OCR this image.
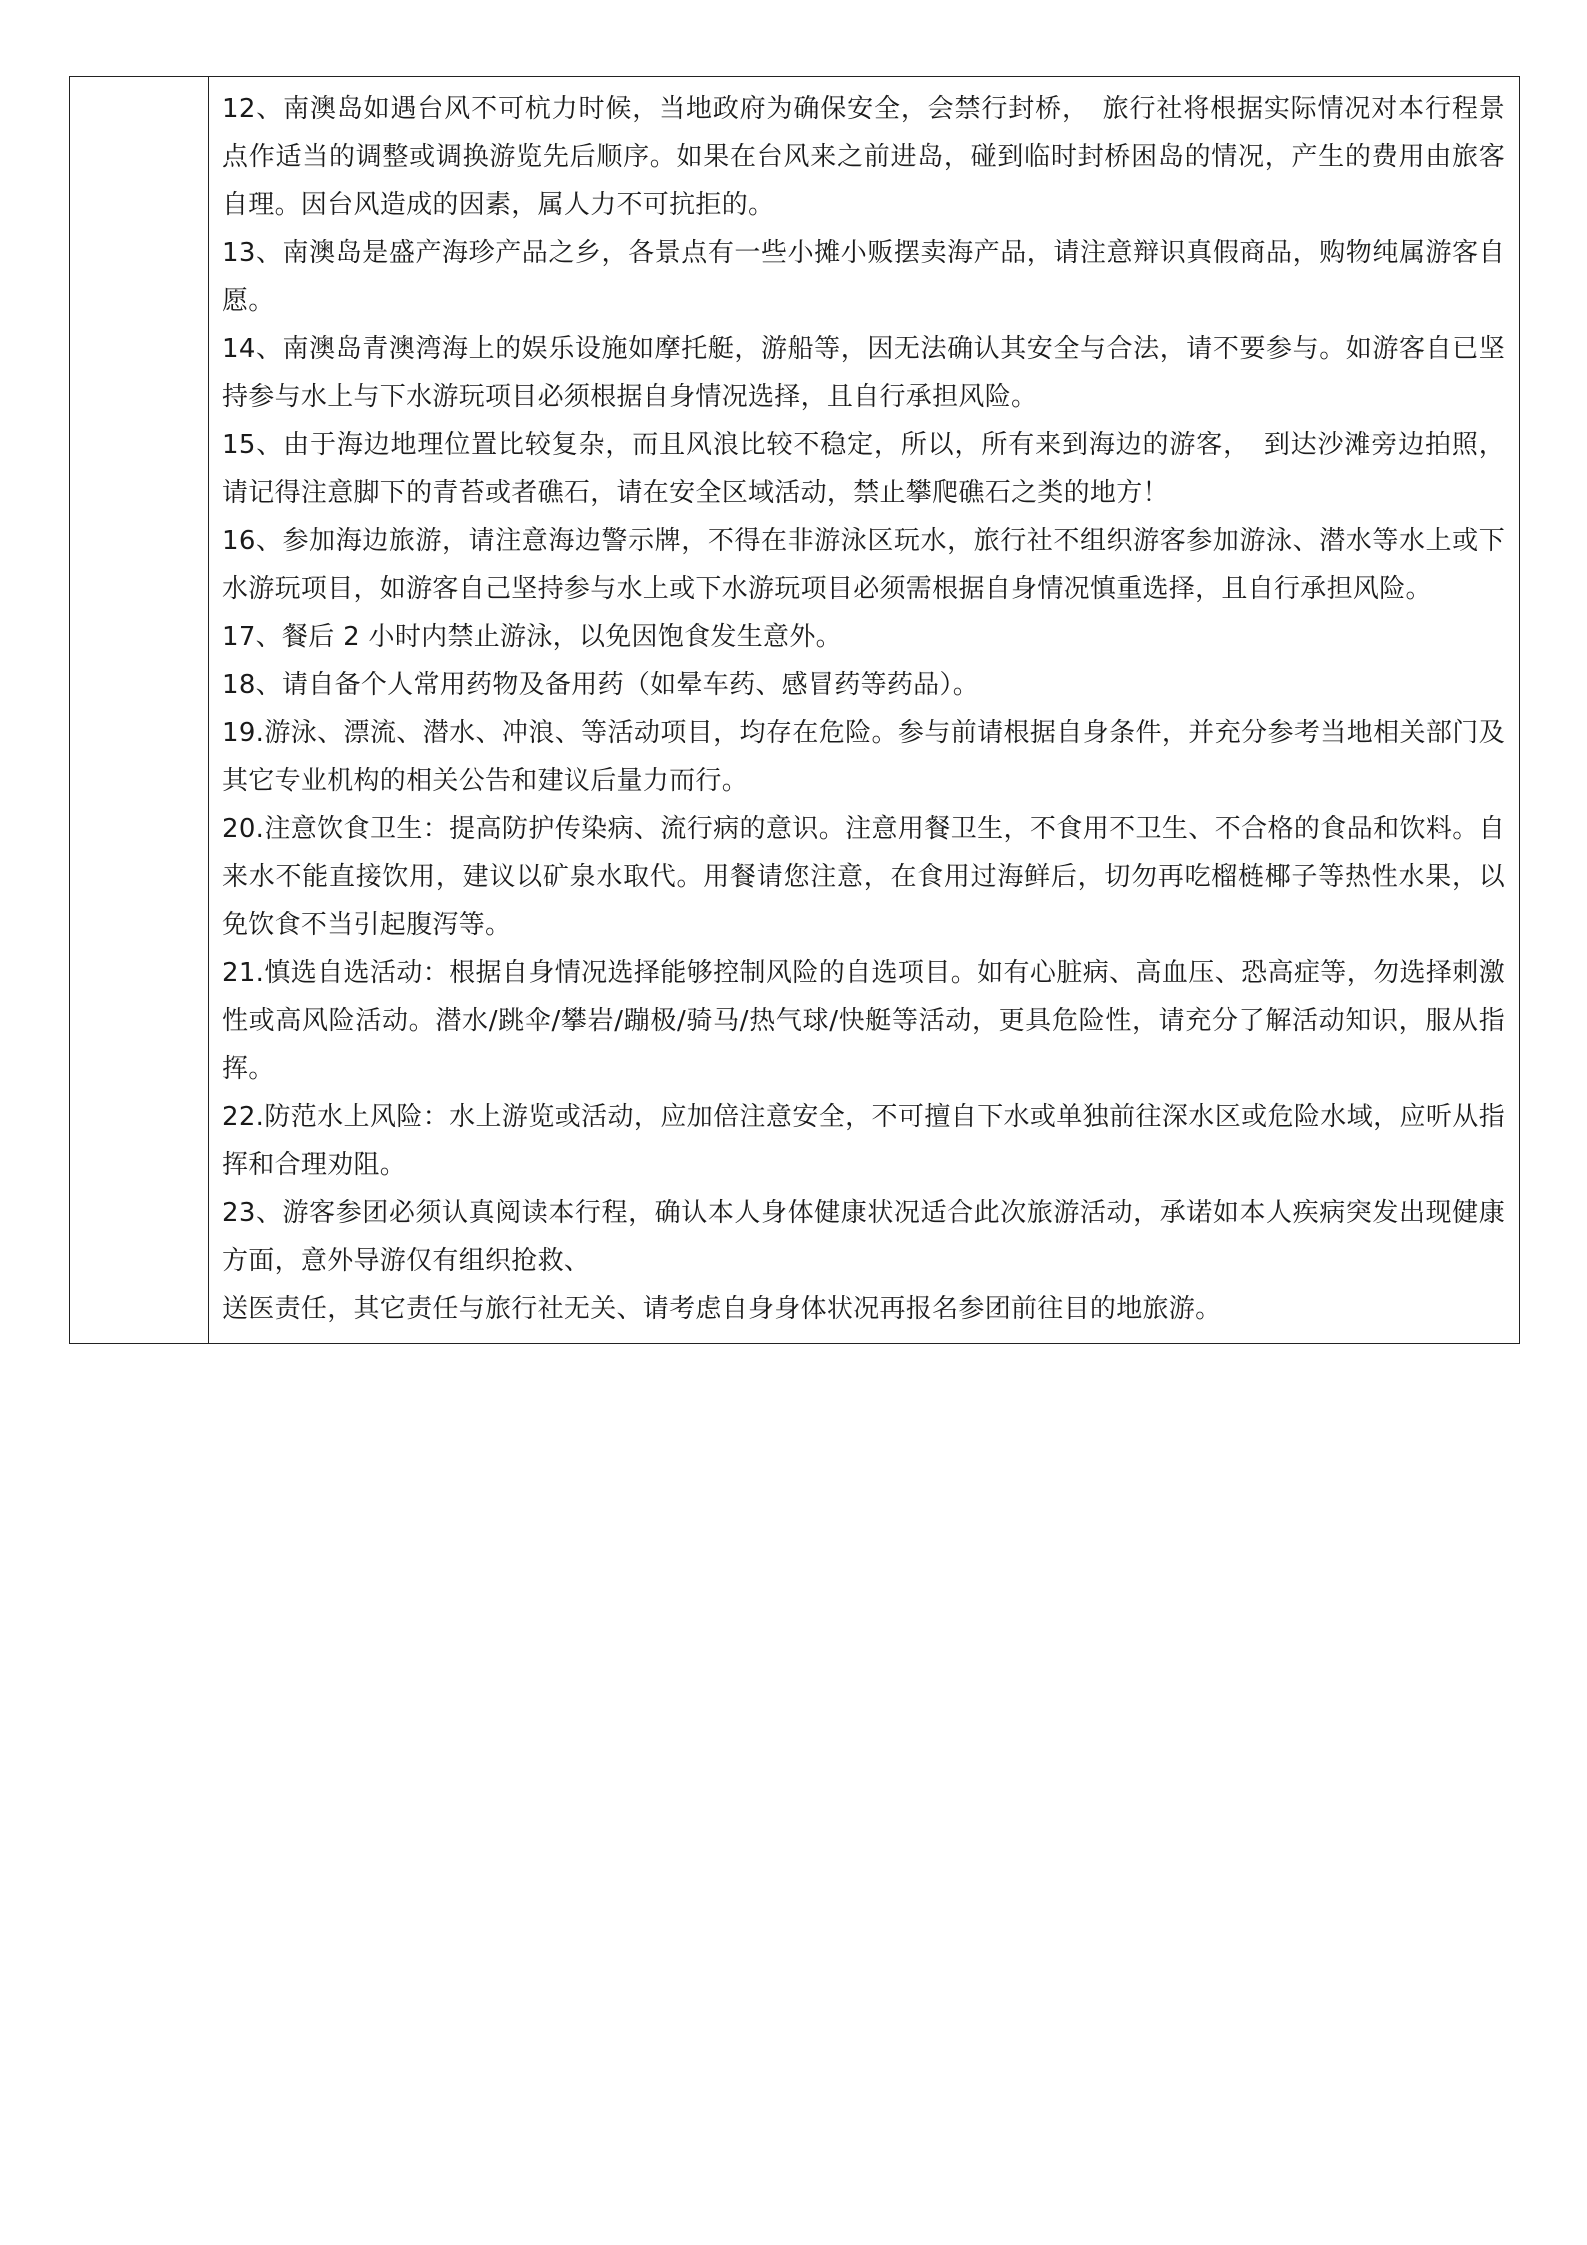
12、南澳岛如遇台风不可杭力时候，当地政府为确保安全，会禁行封桥，　旅行社将根据实际情况对本行程景点作适当的调整或调换游览先后顺序。如果在台风来之前进岛，碰到临时封桥困岛的情况，产生的费用由旅客自理。因台风造成的因素，属人力不可抗拒的。

13、南澳岛是盛产海珍产品之乡，各景点有一些小摊小贩摆卖海产品，请注意辩识真假商品，购物纯属游客自愿。

14、南澳岛青澳湾海上的娱乐设施如摩托艇，游船等，因无法确认其安全与合法，请不要参与。如游客自已坚持参与水上与下水游玩项目必须根据自身情况选择，且自行承担风险。

15、由于海边地理位置比较复杂，而且风浪比较不稳定，所以，所有来到海边的游客，　到达沙滩旁边拍照，请记得注意脚下的青苔或者礁石，请在安全区域活动，禁止攀爬礁石之类的地方！

16、参加海边旅游，请注意海边警示牌，不得在非游泳区玩水，旅行社不组织游客参加游泳、潜水等水上或下水游玩项目，如游客自己坚持参与水上或下水游玩项目必须需根据自身情况慎重选择，且自行承担风险。

17、餐后 2 小时内禁止游泳，以免因饱食发生意外。

18、请自备个人常用药物及备用药（如晕车药、感冒药等药品）。

19.游泳、漂流、潜水、冲浪、等活动项目，均存在危险。参与前请根据自身条件，并充分参考当地相关部门及其它专业机构的相关公告和建议后量力而行。

20.注意饮食卫生：提高防护传染病、流行病的意识。注意用餐卫生，不食用不卫生、不合格的食品和饮料。自来水不能直接饮用，建议以矿泉水取代。用餐请您注意，在食用过海鲜后，切勿再吃榴梿椰子等热性水果，以免饮食不当引起腹泻等。

21.慎选自选活动：根据自身情况选择能够控制风险的自选项目。如有心脏病、高血压、恐高症等，勿选择刺激性或高风险活动。潜水/跳伞/攀岩/蹦极/骑马/热气球/快艇等活动，更具危险性，请充分了解活动知识，服从指挥。

22.防范水上风险：水上游览或活动，应加倍注意安全，不可擅自下水或单独前往深水区或危险水域，应听从指挥和合理劝阻。

23、游客参团必须认真阅读本行程，确认本人身体健康状况适合此次旅游活动，承诺如本人疾病突发出现健康方面，意外导游仅有组织抢救、

送医责任，其它责任与旅行社无关、请考虑自身身体状况再报名参团前往目的地旅游。
